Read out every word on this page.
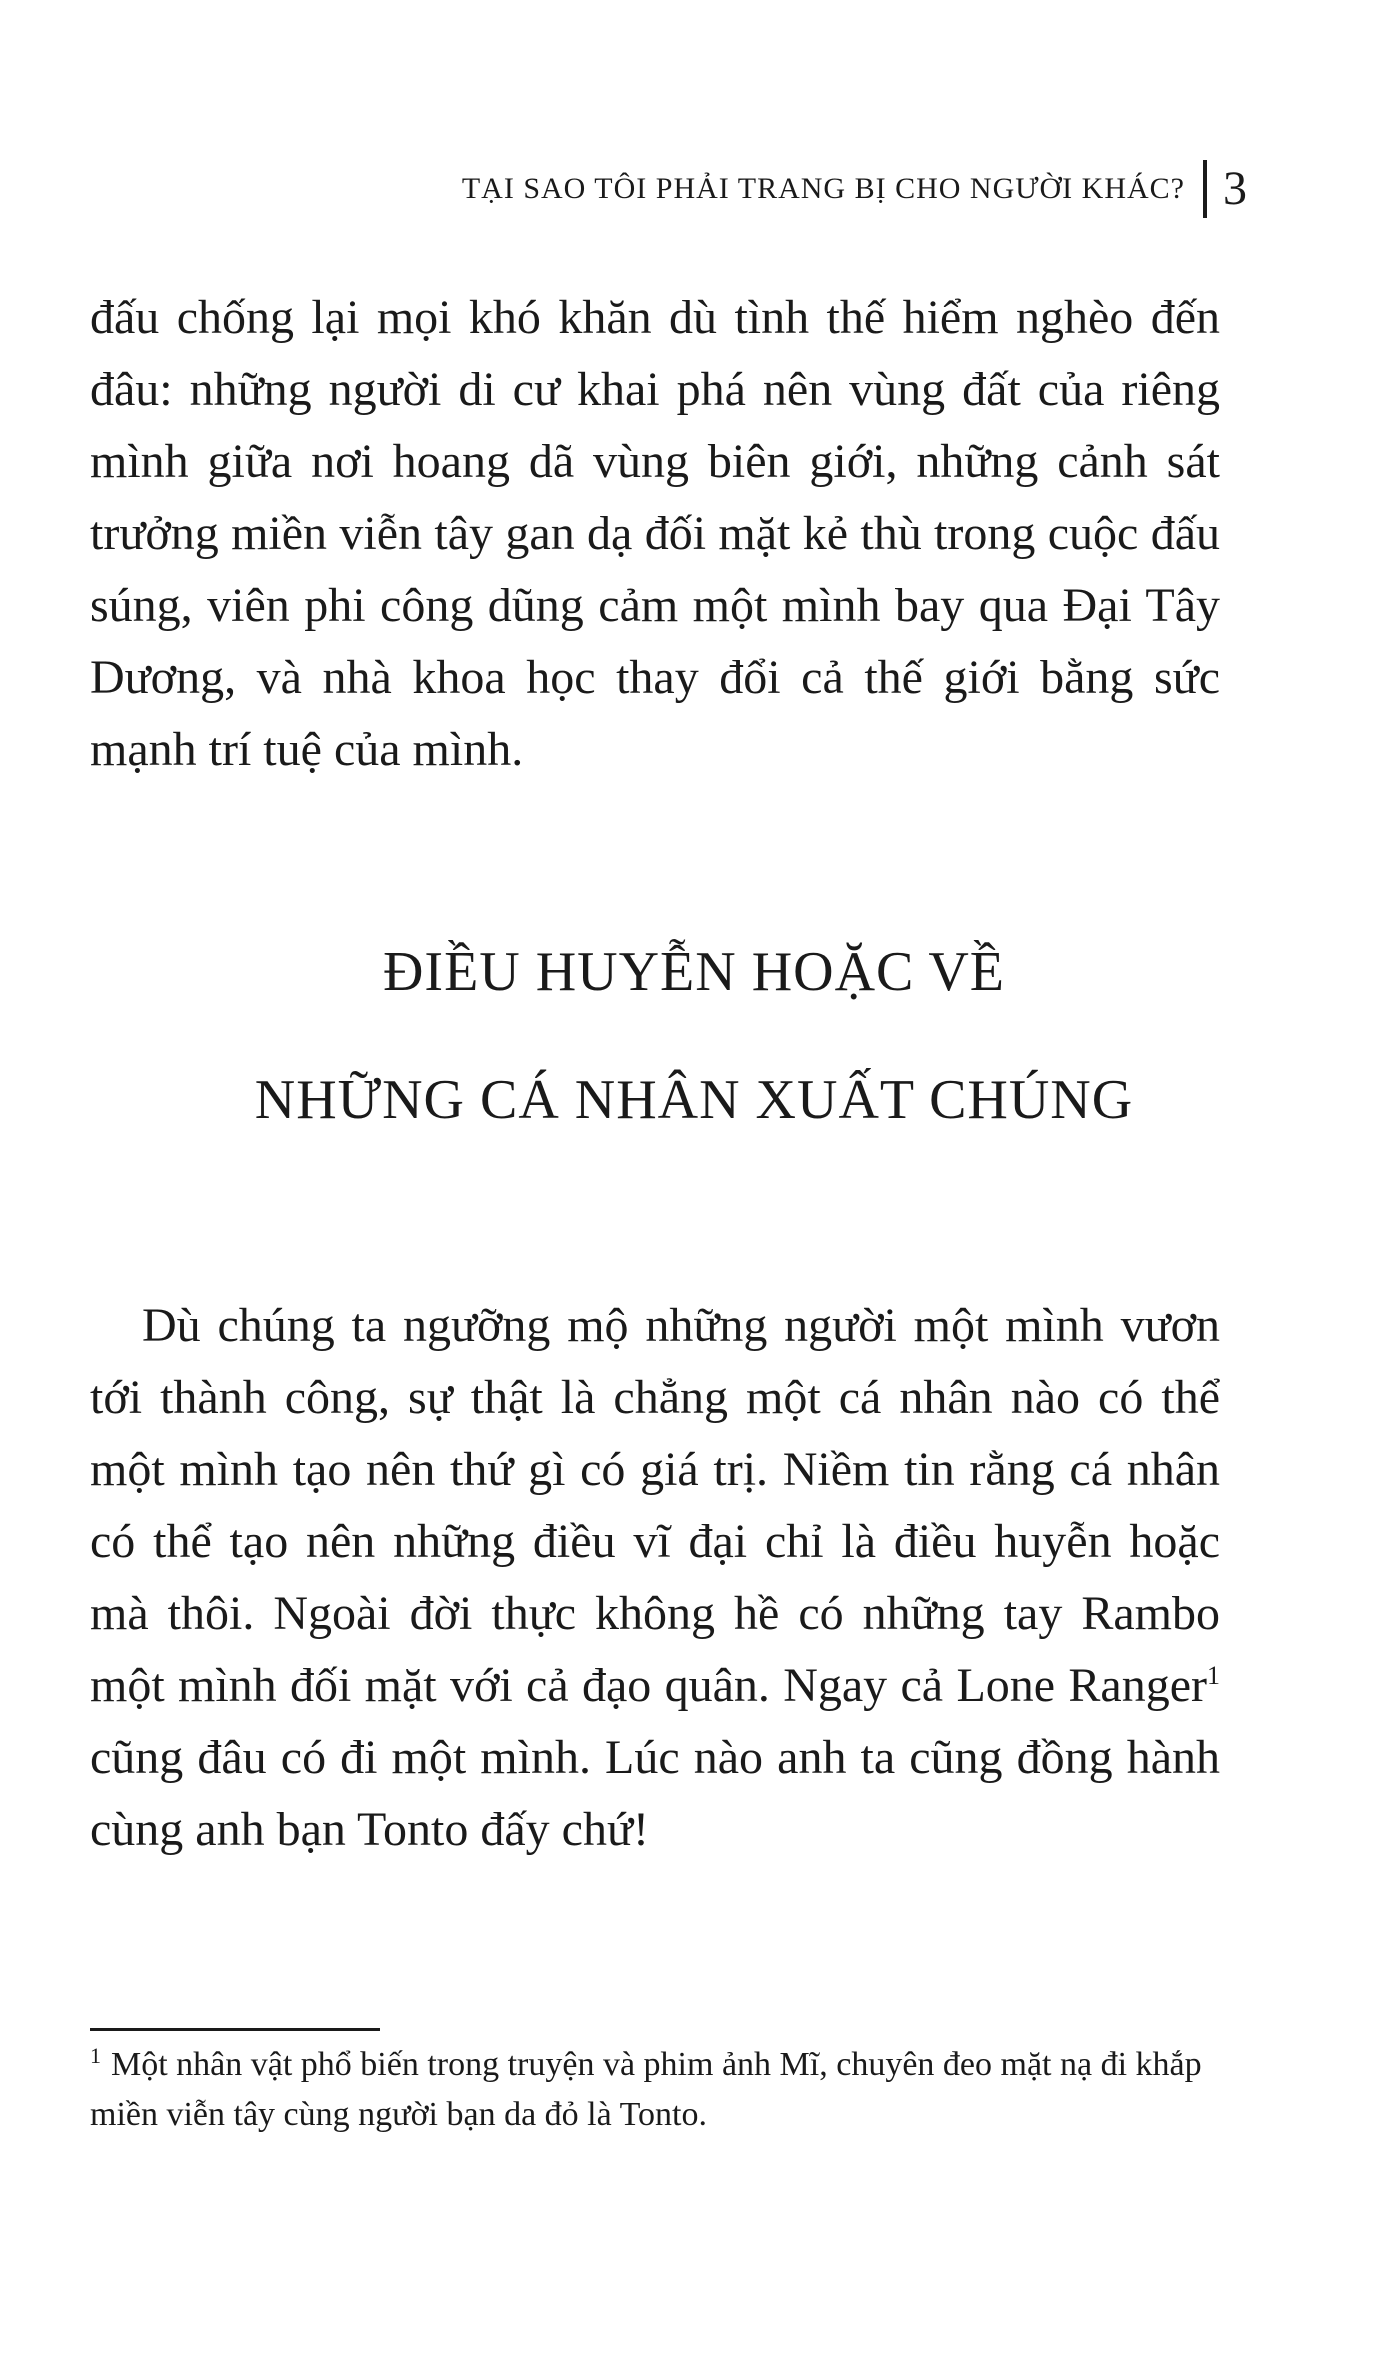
TẠI SAO TÔI PHẢI TRANG BỊ CHO NGƯỜI KHÁC? 3

đấu chống lại mọi khó khăn dù tình thế hiểm nghèo đến đâu: những người di cư khai phá nên vùng đất của riêng mình giữa nơi hoang dã vùng biên giới, những cảnh sát trưởng miền viễn tây gan dạ đối mặt kẻ thù trong cuộc đấu súng, viên phi công dũng cảm một mình bay qua Đại Tây Dương, và nhà khoa học thay đổi cả thế giới bằng sức mạnh trí tuệ của mình.

ĐIỀU HUYỄN HOẶC VỀ
NHỮNG CÁ NHÂN XUẤT CHÚNG

Dù chúng ta ngưỡng mộ những người một mình vươn tới thành công, sự thật là chẳng một cá nhân nào có thể một mình tạo nên thứ gì có giá trị. Niềm tin rằng cá nhân có thể tạo nên những điều vĩ đại chỉ là điều huyễn hoặc mà thôi. Ngoài đời thực không hề có những tay Rambo một mình đối mặt với cả đạo quân. Ngay cả Lone Ranger$^1$ cũng đâu có đi một mình. Lúc nào anh ta cũng đồng hành cùng anh bạn Tonto đấy chứ!

$^1$ Một nhân vật phổ biến trong truyện và phim ảnh Mĩ, chuyên đeo mặt nạ đi khắp miền viễn tây cùng người bạn da đỏ là Tonto.
